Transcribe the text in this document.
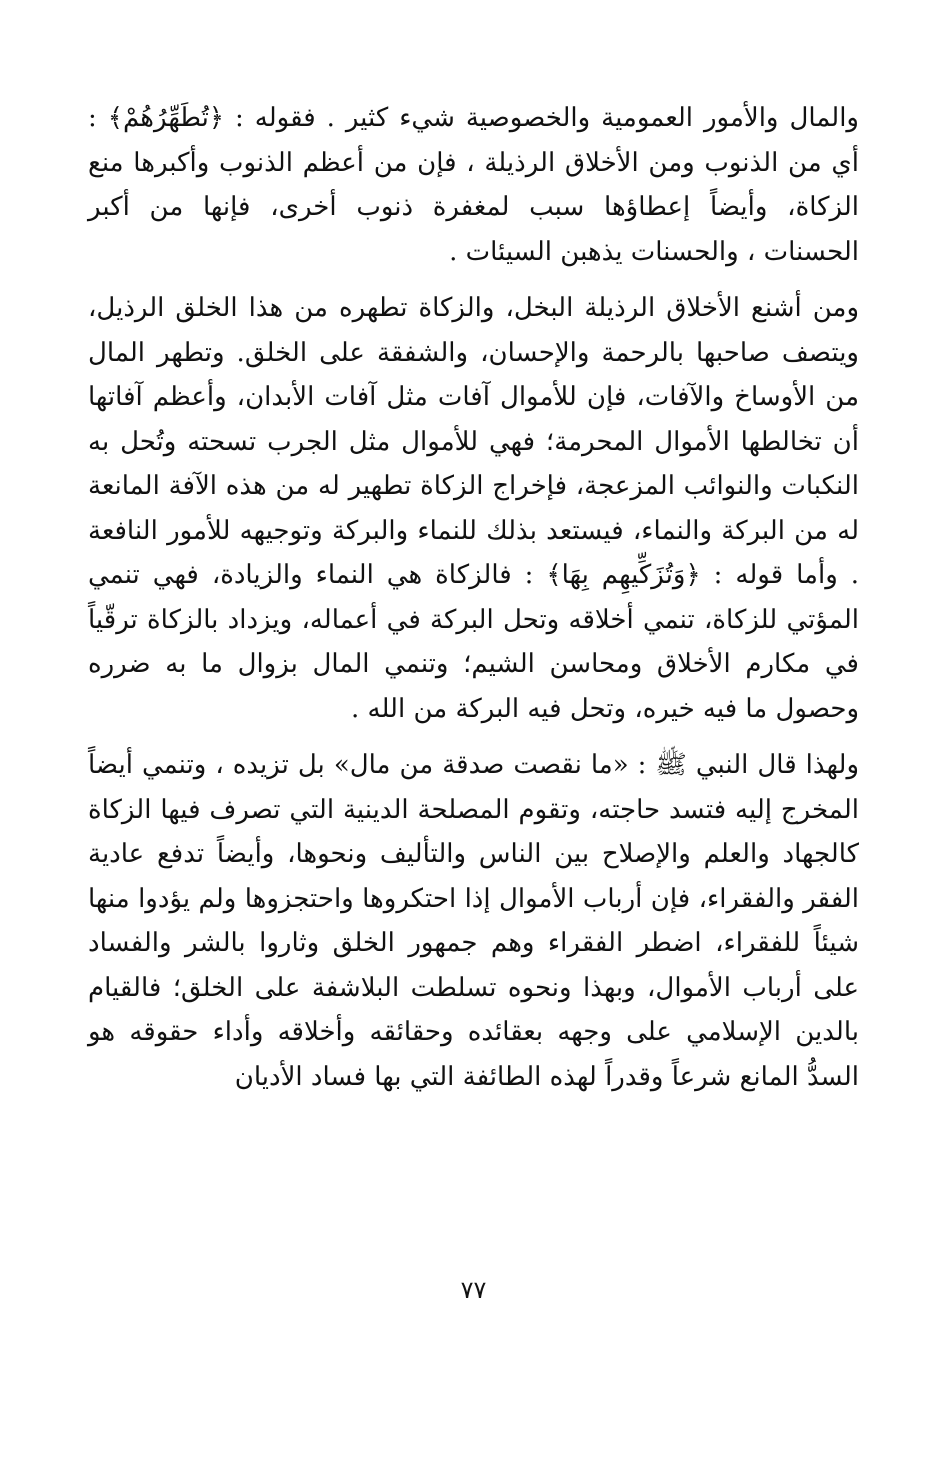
والمال والأمور العمومية والخصوصية شيء كثير . فقوله : ﴿تُطَهِّرُهُمْ﴾ : أي من الذنوب ومن الأخلاق الرذيلة ، فإن من أعظم الذنوب وأكبرها منع الزكاة، وأيضاً إعطاؤها سبب لمغفرة ذنوب أخرى، فإنها من أكبر الحسنات ، والحسنات يذهبن السيئات .

ومن أشنع الأخلاق الرذيلة البخل، والزكاة تطهره من هذا الخلق الرذيل، ويتصف صاحبها بالرحمة والإحسان، والشفقة على الخلق. وتطهر المال من الأوساخ والآفات، فإن للأموال آفات مثل آفات الأبدان، وأعظم آفاتها أن تخالطها الأموال المحرمة؛ فهي للأموال مثل الجرب تسحته وتُحل به النكبات والنوائب المزعجة، فإخراج الزكاة تطهير له من هذه الآفة المانعة له من البركة والنماء، فيستعد بذلك للنماء والبركة وتوجيهه للأمور النافعة . وأما قوله : ﴿وَتُزَكِّيهِم بِهَا﴾ : فالزكاة هي النماء والزيادة، فهي تنمي المؤتي للزكاة، تنمي أخلاقه وتحل البركة في أعماله، ويزداد بالزكاة ترقّياً في مكارم الأخلاق ومحاسن الشيم؛ وتنمي المال بزوال ما به ضرره وحصول ما فيه خيره، وتحل فيه البركة من الله .

ولهذا قال النبي ﷺ : «ما نقصت صدقة من مال» بل تزيده ، وتنمي أيضاً المخرج إليه فتسد حاجته، وتقوم المصلحة الدينية التي تصرف فيها الزكاة كالجهاد والعلم والإصلاح بين الناس والتأليف ونحوها، وأيضاً تدفع عادية الفقر والفقراء، فإن أرباب الأموال إذا احتكروها واحتجزوها ولم يؤدوا منها شيئاً للفقراء، اضطر الفقراء وهم جمهور الخلق وثاروا بالشر والفساد على أرباب الأموال، وبهذا ونحوه تسلطت البلاشفة على الخلق؛ فالقيام بالدين الإسلامي على وجهه بعقائده وحقائقه وأخلاقه وأداء حقوقه هو السدُّ المانع شرعاً وقدراً لهذه الطائفة التي بها فساد الأديان

٧٧
